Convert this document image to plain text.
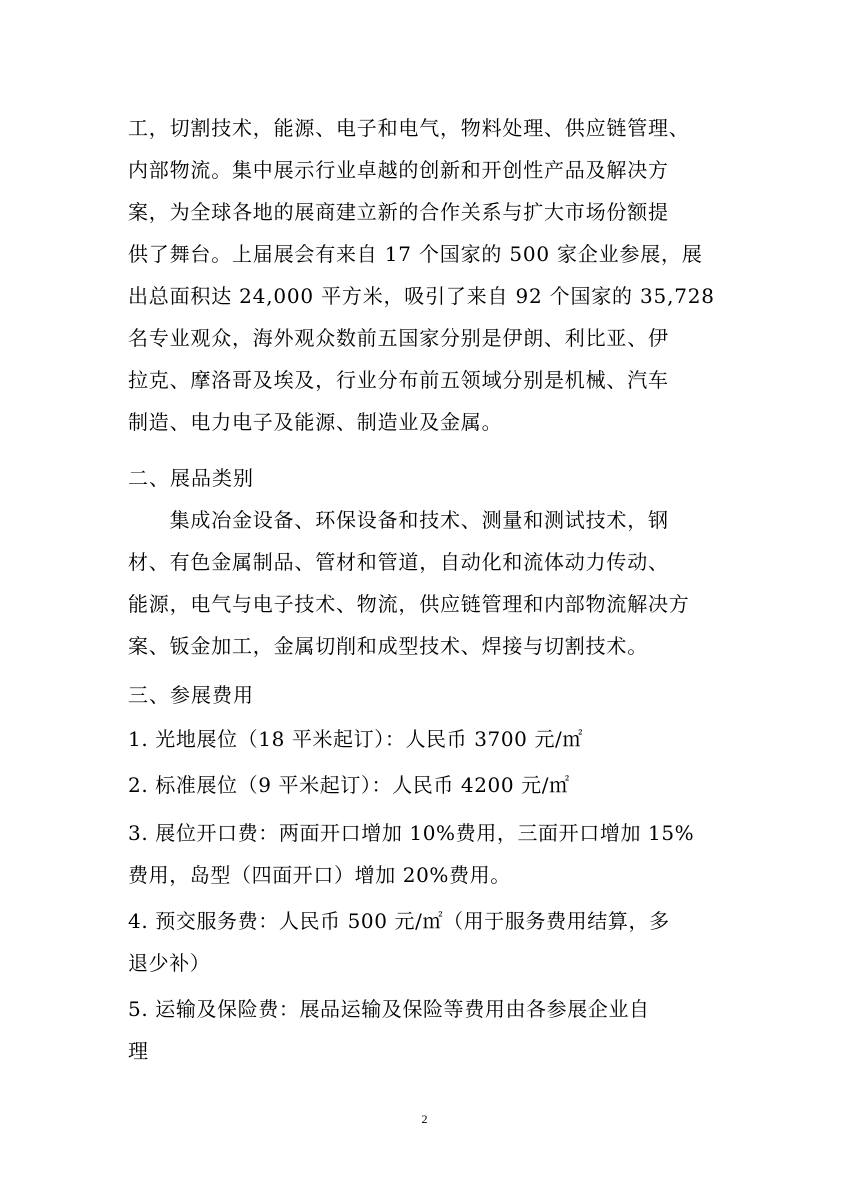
工，切割技术，能源、电子和电气，物料处理、供应链管理、
内部物流。集中展示行业卓越的创新和开创性产品及解决方
案，为全球各地的展商建立新的合作关系与扩大市场份额提
供了舞台。上届展会有来自 17 个国家的 500 家企业参展，展
出总面积达 24,000 平方米，吸引了来自 92 个国家的 35,728
名专业观众，海外观众数前五国家分别是伊朗、利比亚、伊
拉克、摩洛哥及埃及，行业分布前五领域分别是机械、汽车
制造、电力电子及能源、制造业及金属。
二、展品类别
　　集成冶金设备、环保设备和技术、测量和测试技术，钢
材、有色金属制品、管材和管道，自动化和流体动力传动、
能源，电气与电子技术、物流，供应链管理和内部物流解决方
案、钣金加工，金属切削和成型技术、焊接与切割技术。
三、参展费用
1. 光地展位（18 平米起订）：人民币 3700 元/㎡
2. 标准展位（9 平米起订）：人民币 4200 元/㎡
3. 展位开口费：两面开口增加 10%费用，三面开口增加 15%
费用，岛型（四面开口）增加 20%费用。
4. 预交服务费：人民币 500 元/㎡（用于服务费用结算，多
退少补）
5. 运输及保险费：展品运输及保险等费用由各参展企业自
理
2
